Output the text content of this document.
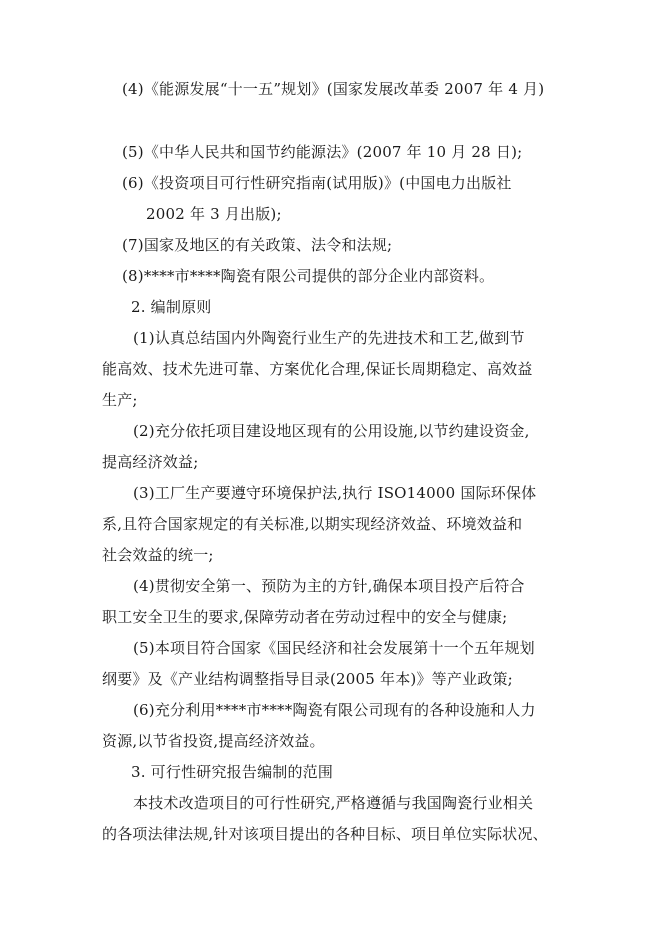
(4)《能源发展“十一五”规划》(国家发展改革委 2007 年 4 月)
(5)《中华人民共和国节约能源法》(2007 年 10 月 28 日);
(6)《投资项目可行性研究指南(试用版)》(中国电力出版社
2002 年 3 月出版);
(7)国家及地区的有关政策、法令和法规;
(8)****市****陶瓷有限公司提供的部分企业内部资料。
2. 编制原则
(1)认真总结国内外陶瓷行业生产的先进技术和工艺,做到节
能高效、技术先进可靠、方案优化合理,保证长周期稳定、高效益
生产;
(2)充分依托项目建设地区现有的公用设施,以节约建设资金,
提高经济效益;
(3)工厂生产要遵守环境保护法,执行 ISO14000 国际环保体
系,且符合国家规定的有关标准,以期实现经济效益、环境效益和
社会效益的统一;
(4)贯彻安全第一、预防为主的方针,确保本项目投产后符合
职工安全卫生的要求,保障劳动者在劳动过程中的安全与健康;
(5)本项目符合国家《国民经济和社会发展第十一个五年规划
纲要》及《产业结构调整指导目录(2005 年本)》等产业政策;
(6)充分利用****市****陶瓷有限公司现有的各种设施和人力
资源,以节省投资,提高经济效益。
3. 可行性研究报告编制的范围
本技术改造项目的可行性研究,严格遵循与我国陶瓷行业相关
的各项法律法规,针对该项目提出的各种目标、项目单位实际状况、
